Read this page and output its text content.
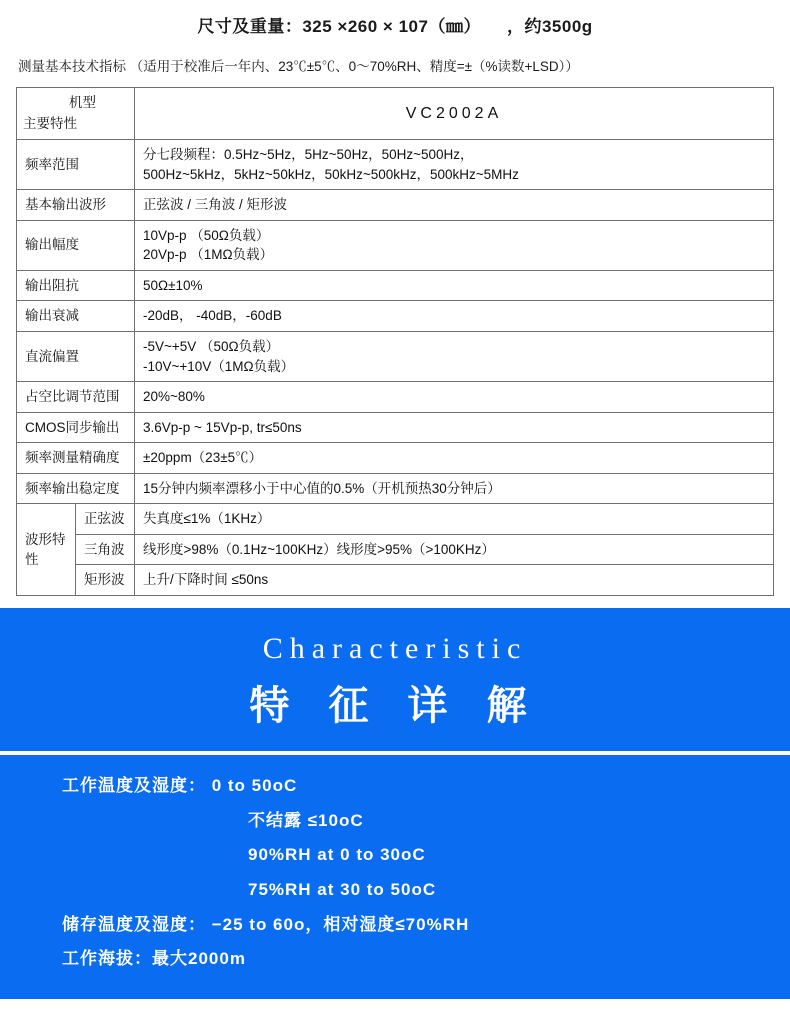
尺寸及重量：325 ×260 × 107（㎜） ，约3500g
测量基本技术指标 （适用于校准后一年内、23℃±5℃、0～70%RH、精度=±（%读数+LSD））
机型
主要特性		VC2002A
频率范围		分七段频程：0.5Hz~5Hz，5Hz~50Hz，50Hz~500Hz，
500Hz~5kHz，5kHz~50kHz，50kHz~500kHz，500kHz~5MHz

基本输出波形		正弦波 / 三角波 / 矩形波
输出幅度		10Vp-p （50Ω负载）
20Vp-p （1MΩ负载）

输出阻抗		50Ω±10%
输出衰减		-20dB， -40dB，-60dB
直流偏置		-5V~+5V （50Ω负载）
-10V~+10V（1MΩ负载）

占空比调节范围		20%~80%
CMOS同步输出		3.6Vp-p ~ 15Vp-p, tr≤50ns
频率测量精确度		±20ppm（23±5℃）
频率输出稳定度		15分钟内频率漂移小于中心值的0.5%（开机预热30分钟后）
波形特性	正弦波	失真度≤1%（1KHz）
	三角波	线形度>98%（0.1Hz~100KHz）线形度>95%（>100KHz）
	矩形波	上升/下降时间 ≤50ns
Characteristic
特 征 详 解
工作温度及湿度： 0 to 50oC
不结露 ≤10oC
90%RH at 0 to 30oC
75%RH at 30 to 50oC
储存温度及湿度： −25 to 60o，相对湿度≤70%RH
工作海拔：最大2000m
